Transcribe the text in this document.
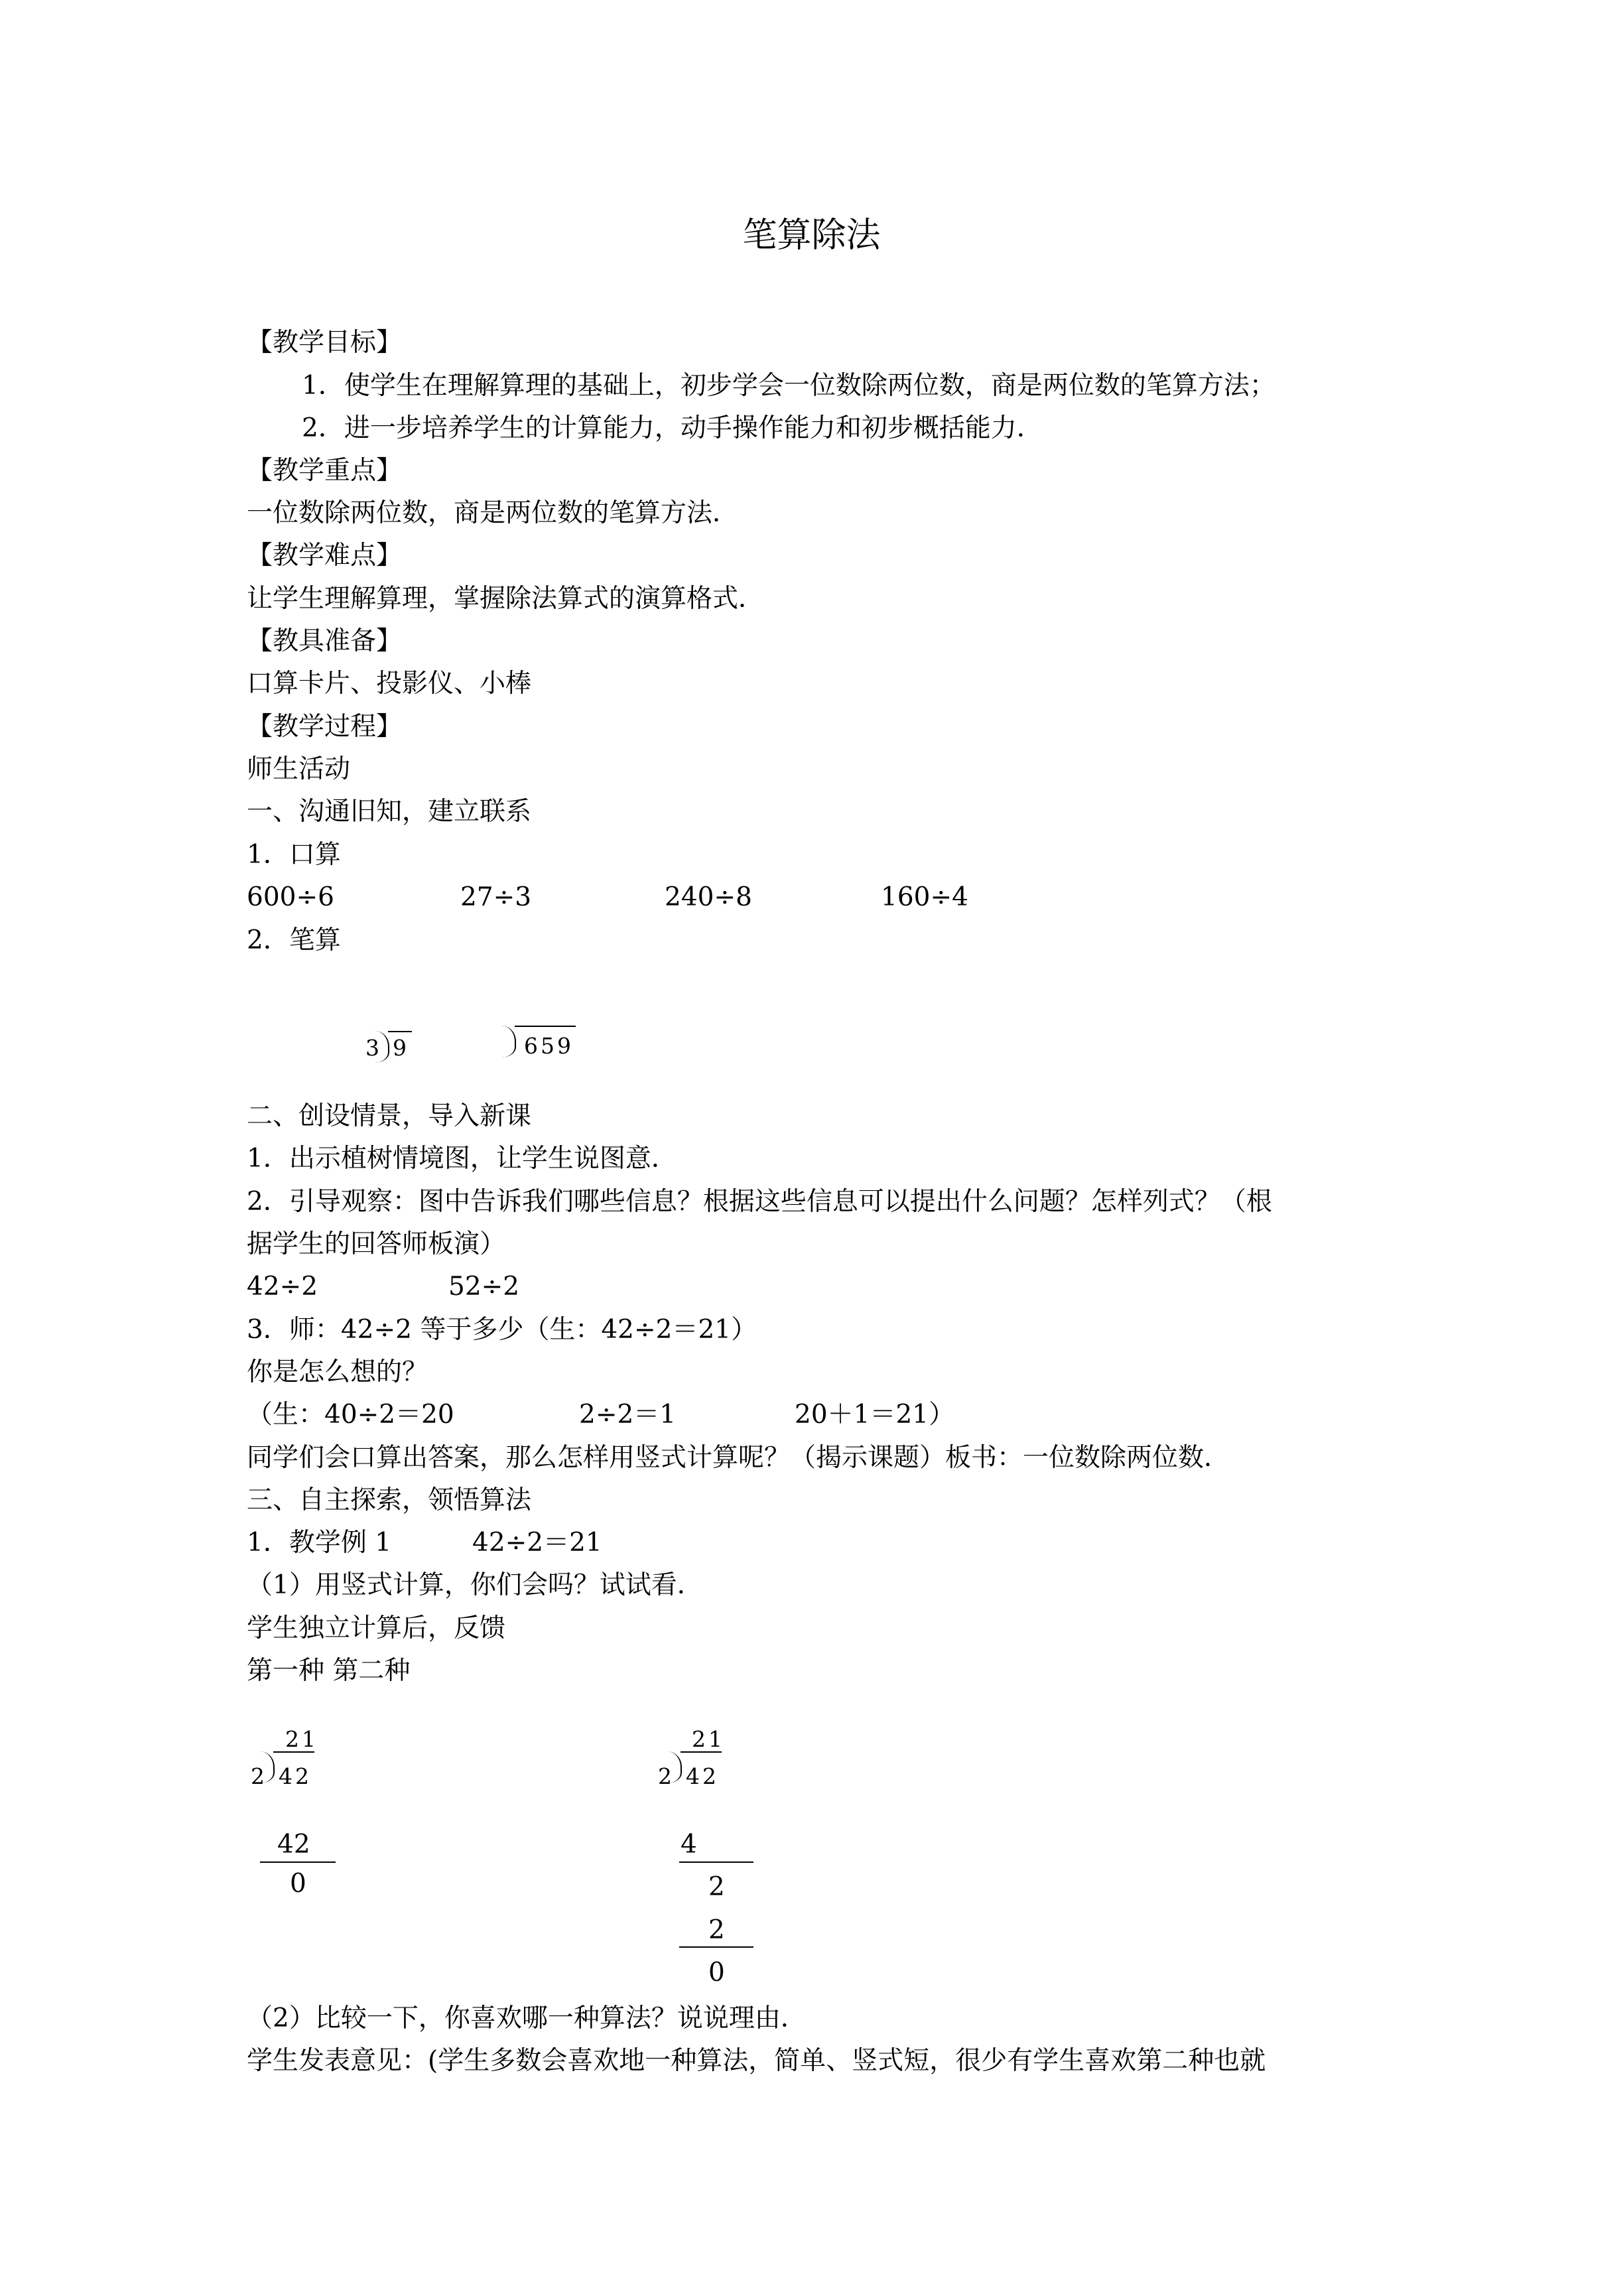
笔算除法

【教学目标】

1．使学生在理解算理的基础上，初步学会一位数除两位数，商是两位数的笔算方法；

2．进一步培养学生的计算能力，动手操作能力和初步概括能力．

【教学重点】

一位数除两位数，商是两位数的笔算方法．

【教学难点】

让学生理解算理，掌握除法算式的演算格式．

【教具准备】

口算卡片、投影仪、小棒

【教学过程】

师生活动

一、沟通旧知，建立联系

1．口算

600÷6	27÷3	240÷8	160÷4

2．笔算

3 9	659

二、创设情景，导入新课

1．出示植树情境图，让学生说图意．

2．引导观察：图中告诉我们哪些信息？根据这些信息可以提出什么问题？怎样列式？（根

据学生的回答师板演）

42÷2	52÷2

3．师：42÷2 等于多少（生：42÷2＝21）

你是怎么想的？

（生：40÷2＝20	2÷2＝1	20＋1＝21）

同学们会口算出答案，那么怎样用竖式计算呢？（揭示课题）板书：一位数除两位数．

三、自主探索，领悟算法

1．教学例 1	42÷2＝21

（1）用竖式计算，你们会吗？试试看．

学生独立计算后，反馈

第一种 第二种

21
2 42
42
0
21
2 42
4
2
2
0

（2）比较一下，你喜欢哪一种算法？说说理由．

学生发表意见：(学生多数会喜欢地一种算法，简单、竖式短，很少有学生喜欢第二种也就
